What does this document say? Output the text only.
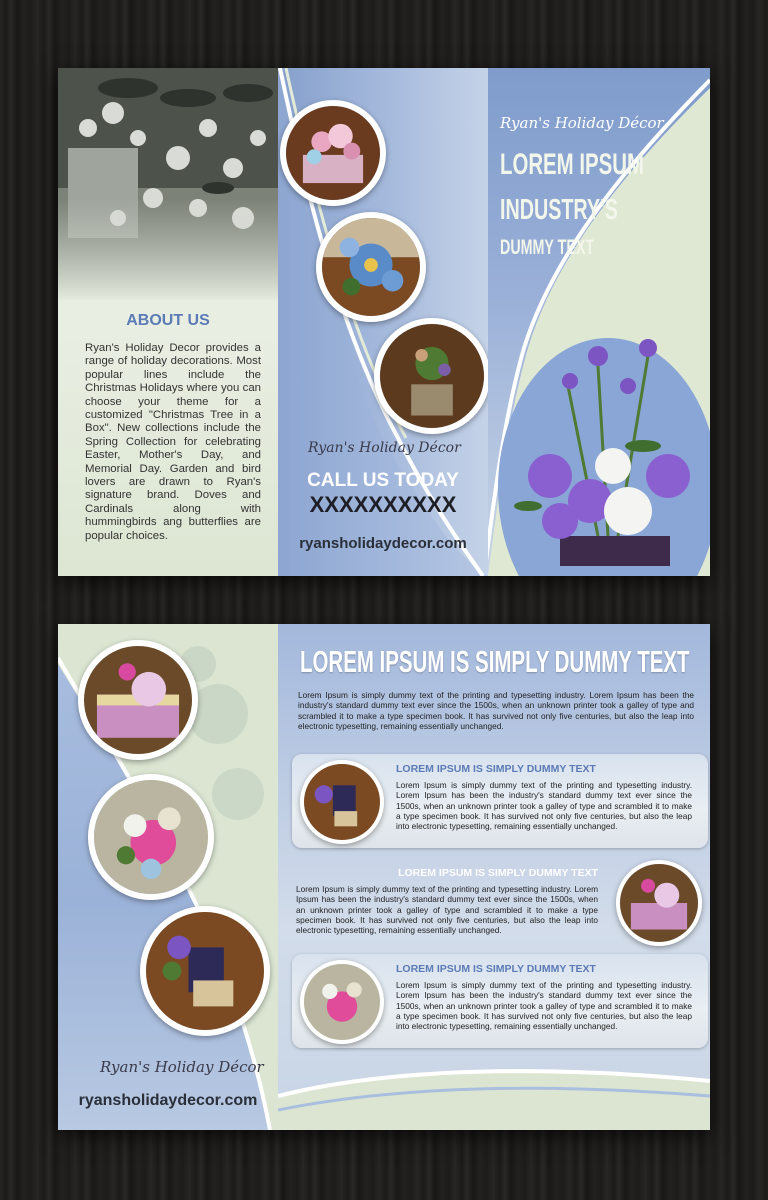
ABOUT US
Ryan's Holiday Decor provides a range of holiday decorations. Most popular lines include the Christmas Holidays where you can choose your theme for a customized "Christmas Tree in a Box". New collections include the Spring Collection for celebrating Easter, Mother's Day, and Memorial Day. Garden and bird lovers are drawn to Ryan's signature brand. Doves and Cardinals along with hummingbirds ang butterflies are popular choices.
Ryan's Holiday Décor
CALL US TODAY
XXXXXXXXXX
ryansholidaydecor.com
Ryan's Holiday Décor
LOREM IPSUM
INDUSTRY'S
DUMMY TEXT
Ryan's Holiday Décor
ryansholidaydecor.com
LOREM IPSUM IS SIMPLY DUMMY TEXT
Lorem Ipsum is simply dummy text of the printing and typesetting industry. Lorem Ipsum has been the industry's standard dummy text ever since the 1500s, when an unknown printer took a galley of type and scrambled it to make a type specimen book. It has survived not only five centuries, but also the leap into electronic typesetting, remaining essentially unchanged.
LOREM IPSUM IS SIMPLY DUMMY TEXT
Lorem Ipsum is simply dummy text of the printing and typesetting industry. Lorem Ipsum has been the industry's standard dummy text ever since the 1500s, when an unknown printer took a galley of type and scrambled it to make a type specimen book. It has survived not only five centuries, but also the leap into electronic typesetting, remaining essentially unchanged.
LOREM IPSUM IS SIMPLY DUMMY TEXT
Lorem Ipsum is simply dummy text of the printing and typesetting industry. Lorem Ipsum has been the industry's standard dummy text ever since the 1500s, when an unknown printer took a galley of type and scrambled it to make a type specimen book. It has survived not only five centuries, but also the leap into electronic typesetting, remaining essentially unchanged.
LOREM IPSUM IS SIMPLY DUMMY TEXT
Lorem Ipsum is simply dummy text of the printing and typesetting industry. Lorem Ipsum has been the industry's standard dummy text ever since the 1500s, when an unknown printer took a galley of type and scrambled it to make a type specimen book. It has survived not only five centuries, but also the leap into electronic typesetting, remaining essentially unchanged.
